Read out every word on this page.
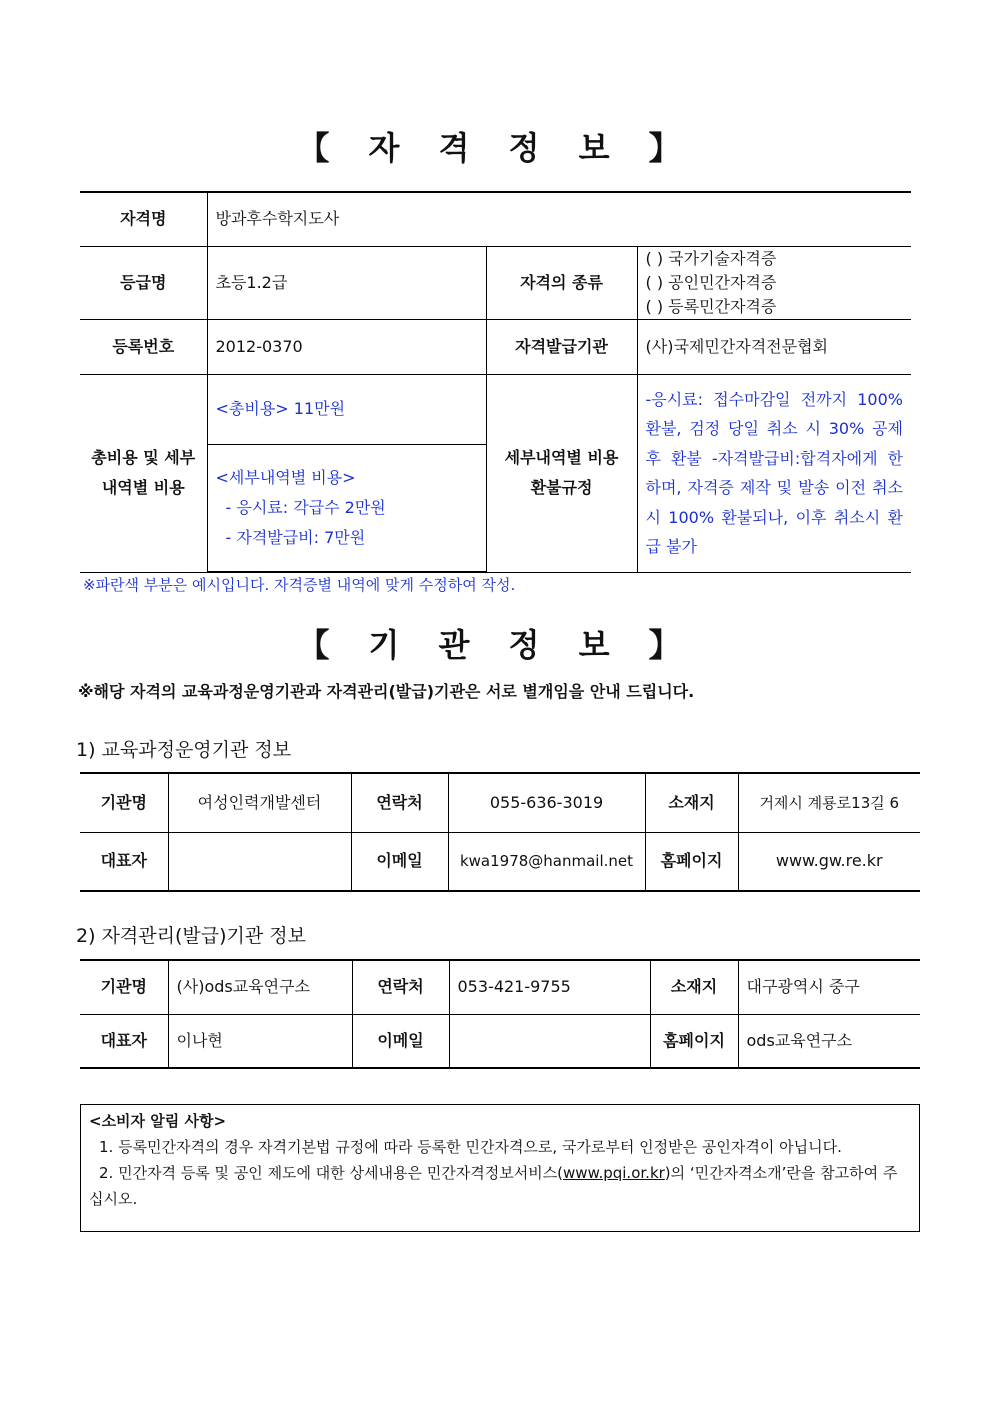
【 자 격 정 보 】
자격명	방과후수학지도사		
등급명	초등1.2급	자격의 종류	( ) 국가기술자격증
( ) 공인민간자격증
( ) 등록민간자격증

등록번호	2012-0370	자격발급기관	(사)국제민간자격전문협회
총비용 및 세부내역별 비용	<총비용> 11만원	세부내역별 비용 환불규정	-응시료: 접수마감일 전까지 100% 환불, 검정 당일 취소 시 30% 공제 후 환불 -자격발급비:합격자에게 한하며, 자격증 제작 및 발송 이전 취소 시 100% 환불되나, 이후 취소시 환급 불가

	<세부내역별 비용>
- 응시료: 각급수 2만원
- 자격발급비: 7만원		
※파란색 부분은 예시입니다. 자격증별 내역에 맞게 수정하여 작성.
【 기 관 정 보 】
※해당 자격의 교육과정운영기관과 자격관리(발급)기관은 서로 별개임을 안내 드립니다.
1) 교육과정운영기관 정보
기관명	여성인력개발센터	연락처	055-636-3019	소재지	거제시 계룡로13길 6
대표자		이메일	kwa1978@hanmail.net	홈페이지	www.gw.re.kr
2) 자격관리(발급)기관 정보
기관명	(사)ods교육연구소	연락처	053-421-9755	소재지	대구광역시 중구
대표자	이나현	이메일		홈페이지	ods교육연구소

<소비자 알림 사항>

1. 등록민간자격의 경우 자격기본법 규정에 따라 등록한 민간자격으로, 국가로부터 인정받은 공인자격이 아닙니다.

2. 민간자격 등록 및 공인 제도에 대한 상세내용은 민간자격정보서비스(www.pqi.or.kr)의 ‘민간자격소개’란을 참고하여 주십시오.
